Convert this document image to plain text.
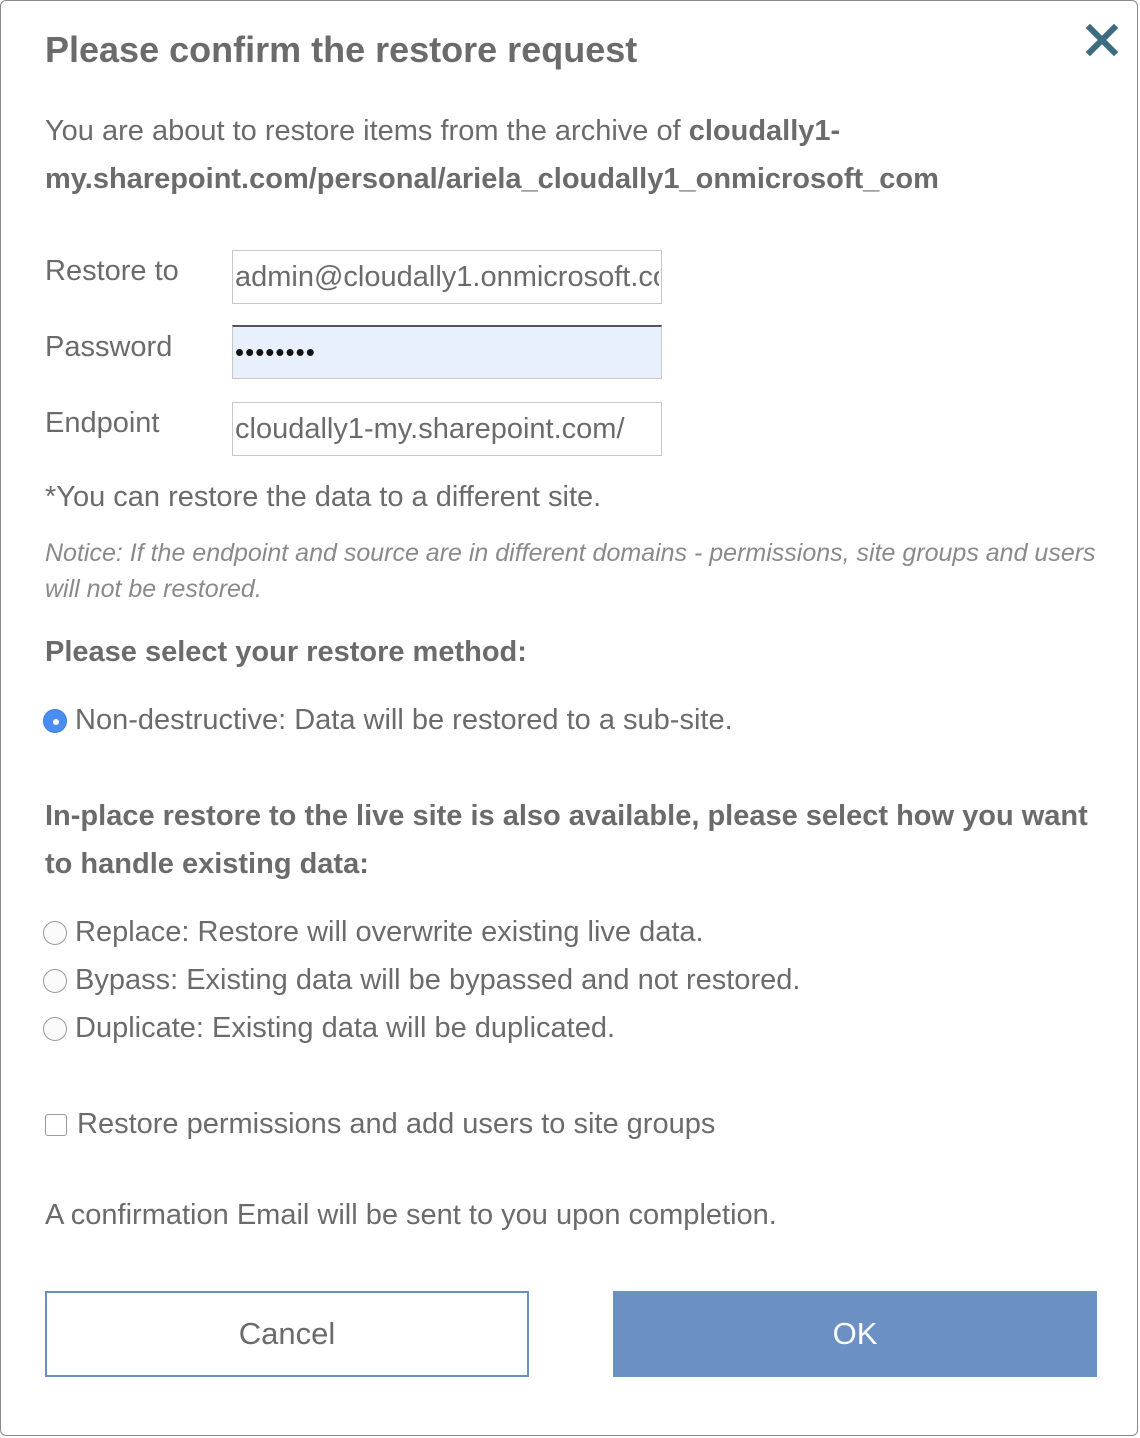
Please confirm the restore request
You are about to restore items from the archive of cloudally1-my.sharepoint.com/personal/ariela_cloudally1_onmicrosoft_com
Restore to
admin@cloudally1.onmicrosoft.com
Password ••••••••
Endpoint
cloudally1-my.sharepoint.com/
*You can restore the data to a different site.
Notice: If the endpoint and source are in different domains - permissions, site groups and users will not be restored.
Please select your restore method:
Non-destructive: Data will be restored to a sub-site.
In-place restore to the live site is also available, please select how you want to handle existing data:
Replace: Restore will overwrite existing live data.
Bypass: Existing data will be bypassed and not restored.
Duplicate: Existing data will be duplicated.
Restore permissions and add users to site groups
A confirmation Email will be sent to you upon completion.
Cancel	OK
